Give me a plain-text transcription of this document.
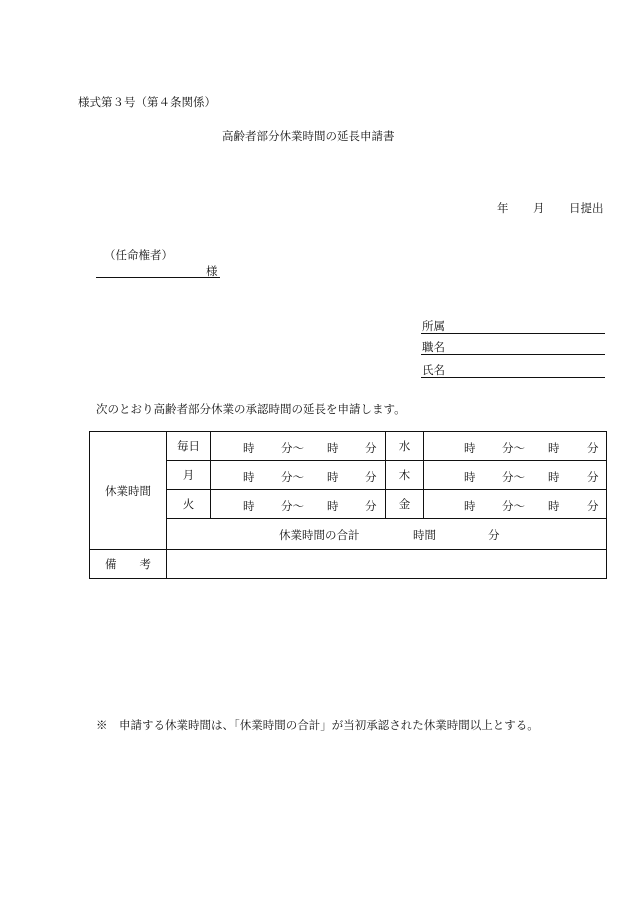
様式第３号（第４条関係）
高齢者部分休業時間の延長申請書
年 月 日提出
（任命権者）
様
所属
職名
氏名
次のとおり高齢者部分休業の承認時間の延長を申請します。
休業時間	毎日	時 分～ 時 分	水	時 分～ 時 分

	月	時 分～ 時 分	木	時 分～ 時 分

	火	時 分～ 時 分	金	時 分～ 時 分

	休業時間の合計 時間 分			

備　　考				
※　申請する休業時間は、「休業時間の合計」が当初承認された休業時間以上とする。
